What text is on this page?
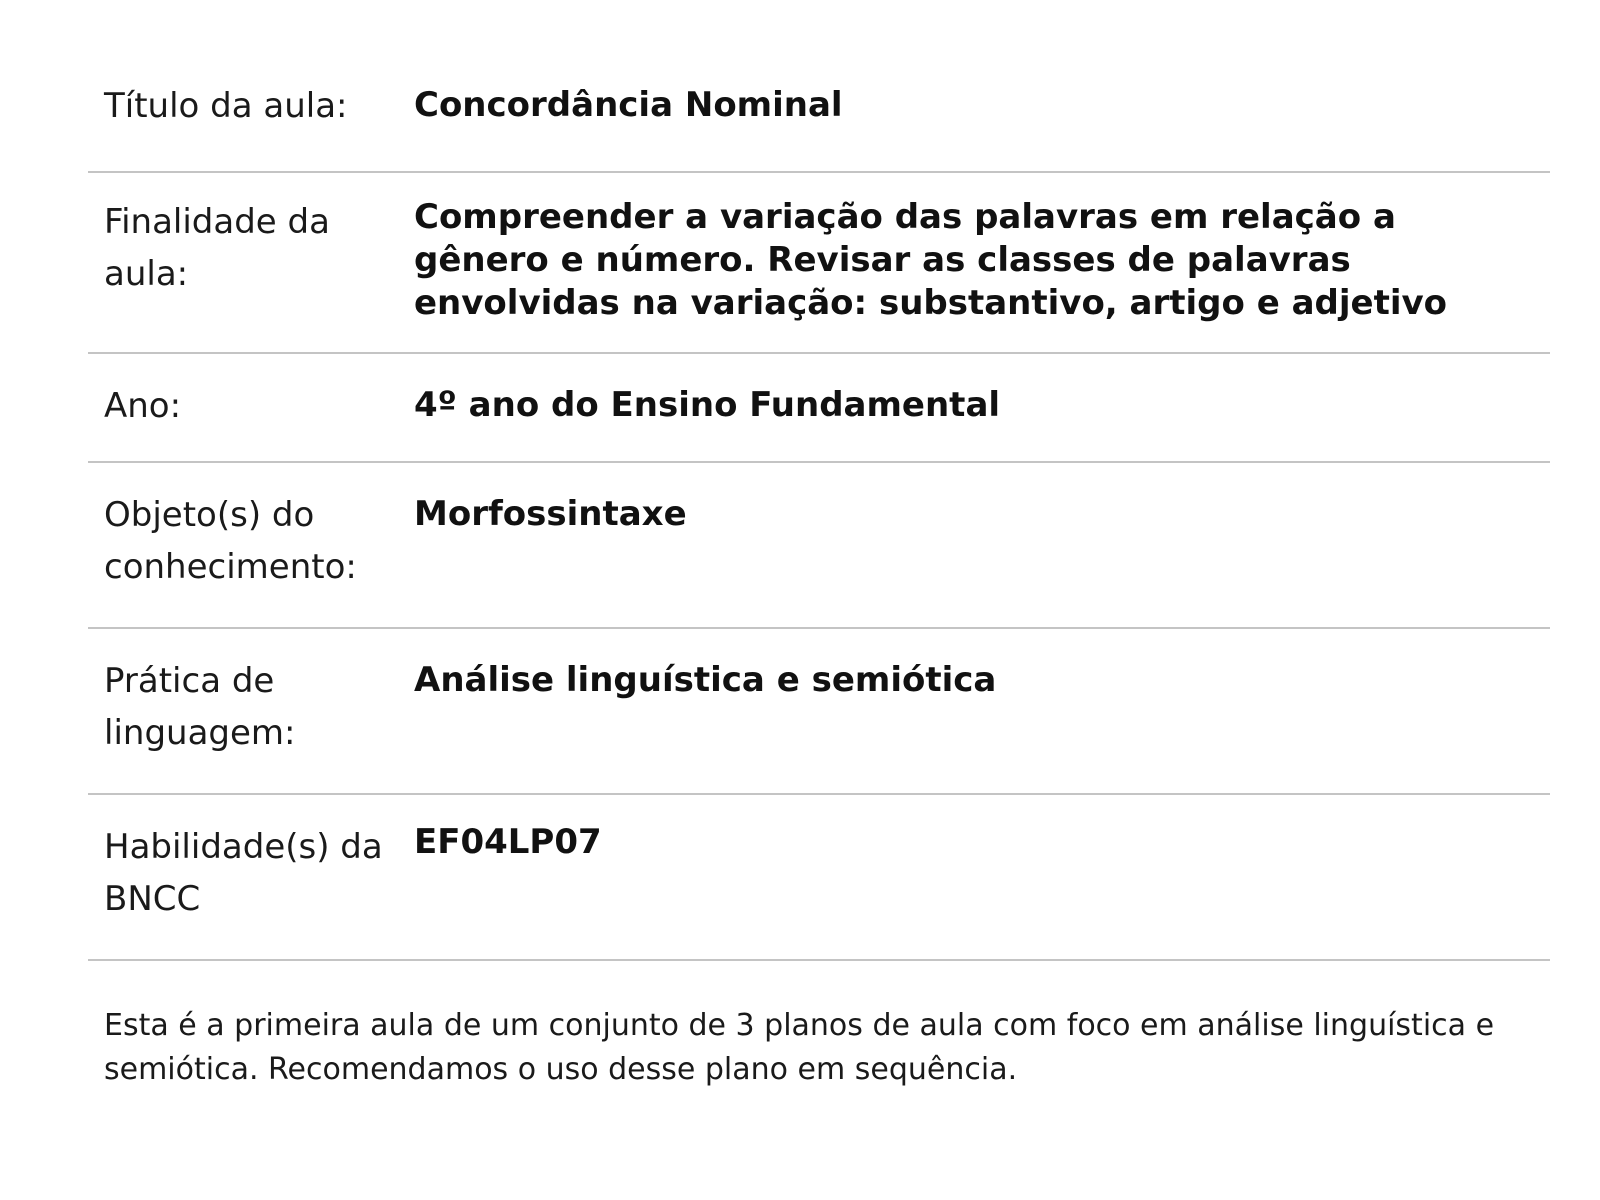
Título da aula:	Concordância Nominal
Finalidade da aula:
Compreender a variação das palavras em relação a gênero e número. Revisar as classes de palavras envolvidas na variação: substantivo, artigo e adjetivo
Ano:	4º ano do Ensino Fundamental
Objeto(s) do conhecimento:
Morfossintaxe
Prática de linguagem:
Análise linguística e semiótica
Habilidade(s) da BNCC
EF04LP07

Esta é a primeira aula de um conjunto de 3 planos de aula com foco em análise linguística e semiótica. Recomendamos o uso desse plano em sequência.
